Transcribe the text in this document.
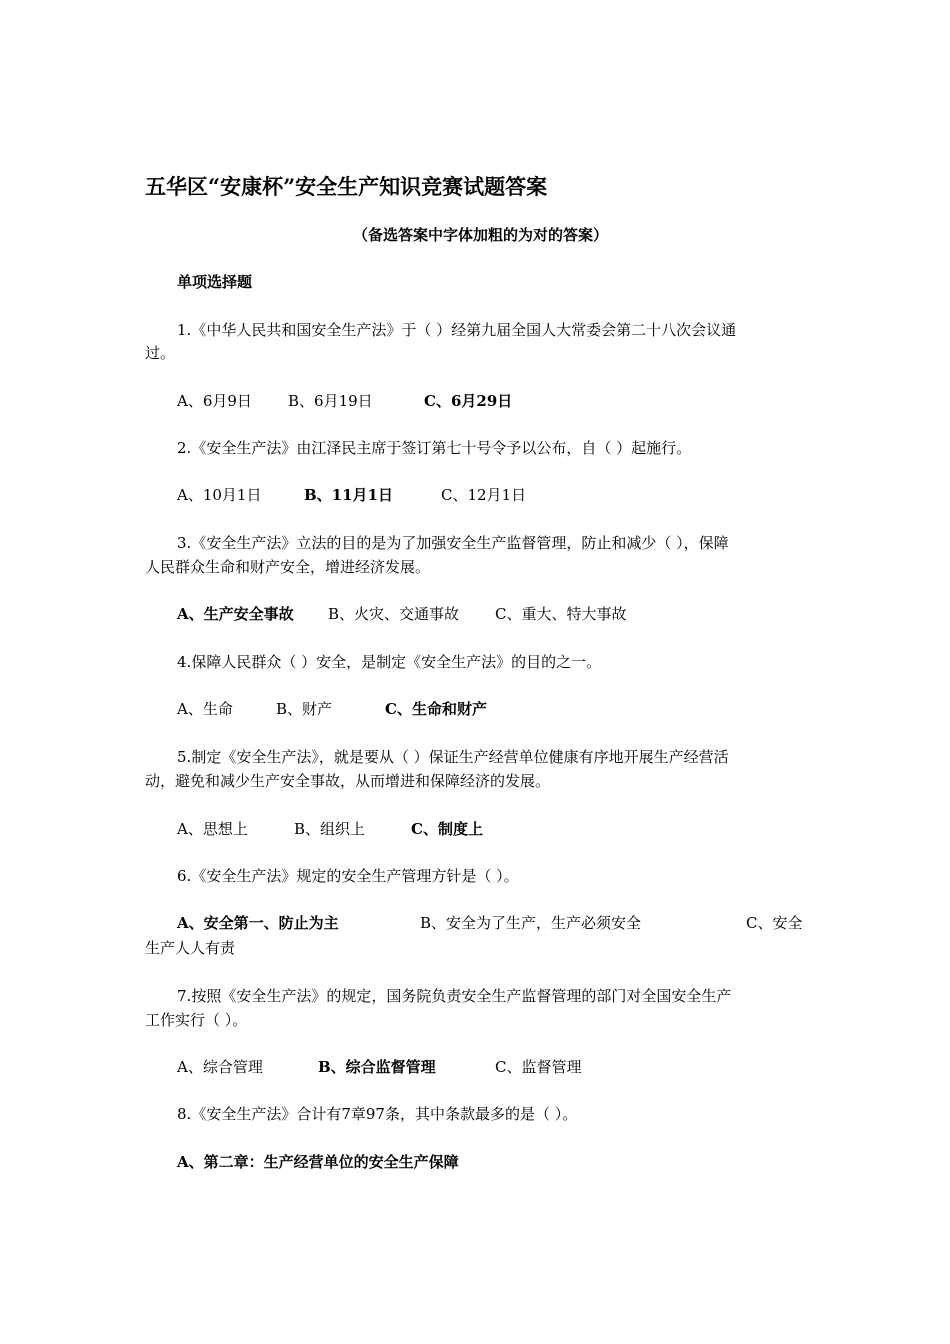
五华区“安康杯”安全生产知识竞赛试题答案
（备选答案中字体加粗的为对的答案）
单项选择题
1.《中华人民共和国安全生产法》于（ ）经第九届全国人大常委会第二十八次会议通
过。
A、6月9日 B、6月19日	C、6月29日
2.《安全生产法》由江泽民主席于签订第七十号令予以公布，自（ ）起施行。
A、10月1日	B、11月1日	C、12月1日
3.《安全生产法》立法的目的是为了加强安全生产监督管理，防止和减少（ ），保障
人民群众生命和财产安全，增进经济发展。
A、生产安全事故 B、火灾、交通事故 C、重大、特大事故
4.保障人民群众（ ）安全，是制定《安全生产法》的目的之一。
A、生命	B、财产	C、生命和财产
5.制定《安全生产法》，就是要从（ ）保证生产经营单位健康有序地开展生产经营活
动，避免和减少生产安全事故，从而增进和保障经济的发展。
A、思想上	B、组织上	C、制度上
6.《安全生产法》规定的安全生产管理方针是（ ）。
A、安全第一、防止为主	B、安全为了生产，生产必须安全	C、安全
生产人人有责
7.按照《安全生产法》的规定，国务院负责安全生产监督管理的部门对全国安全生产
工作实行（ ）。
A、综合管理	B、综合监督管理	C、监督管理
8.《安全生产法》合计有7章97条，其中条款最多的是（ ）。
A、第二章：生产经营单位的安全生产保障
